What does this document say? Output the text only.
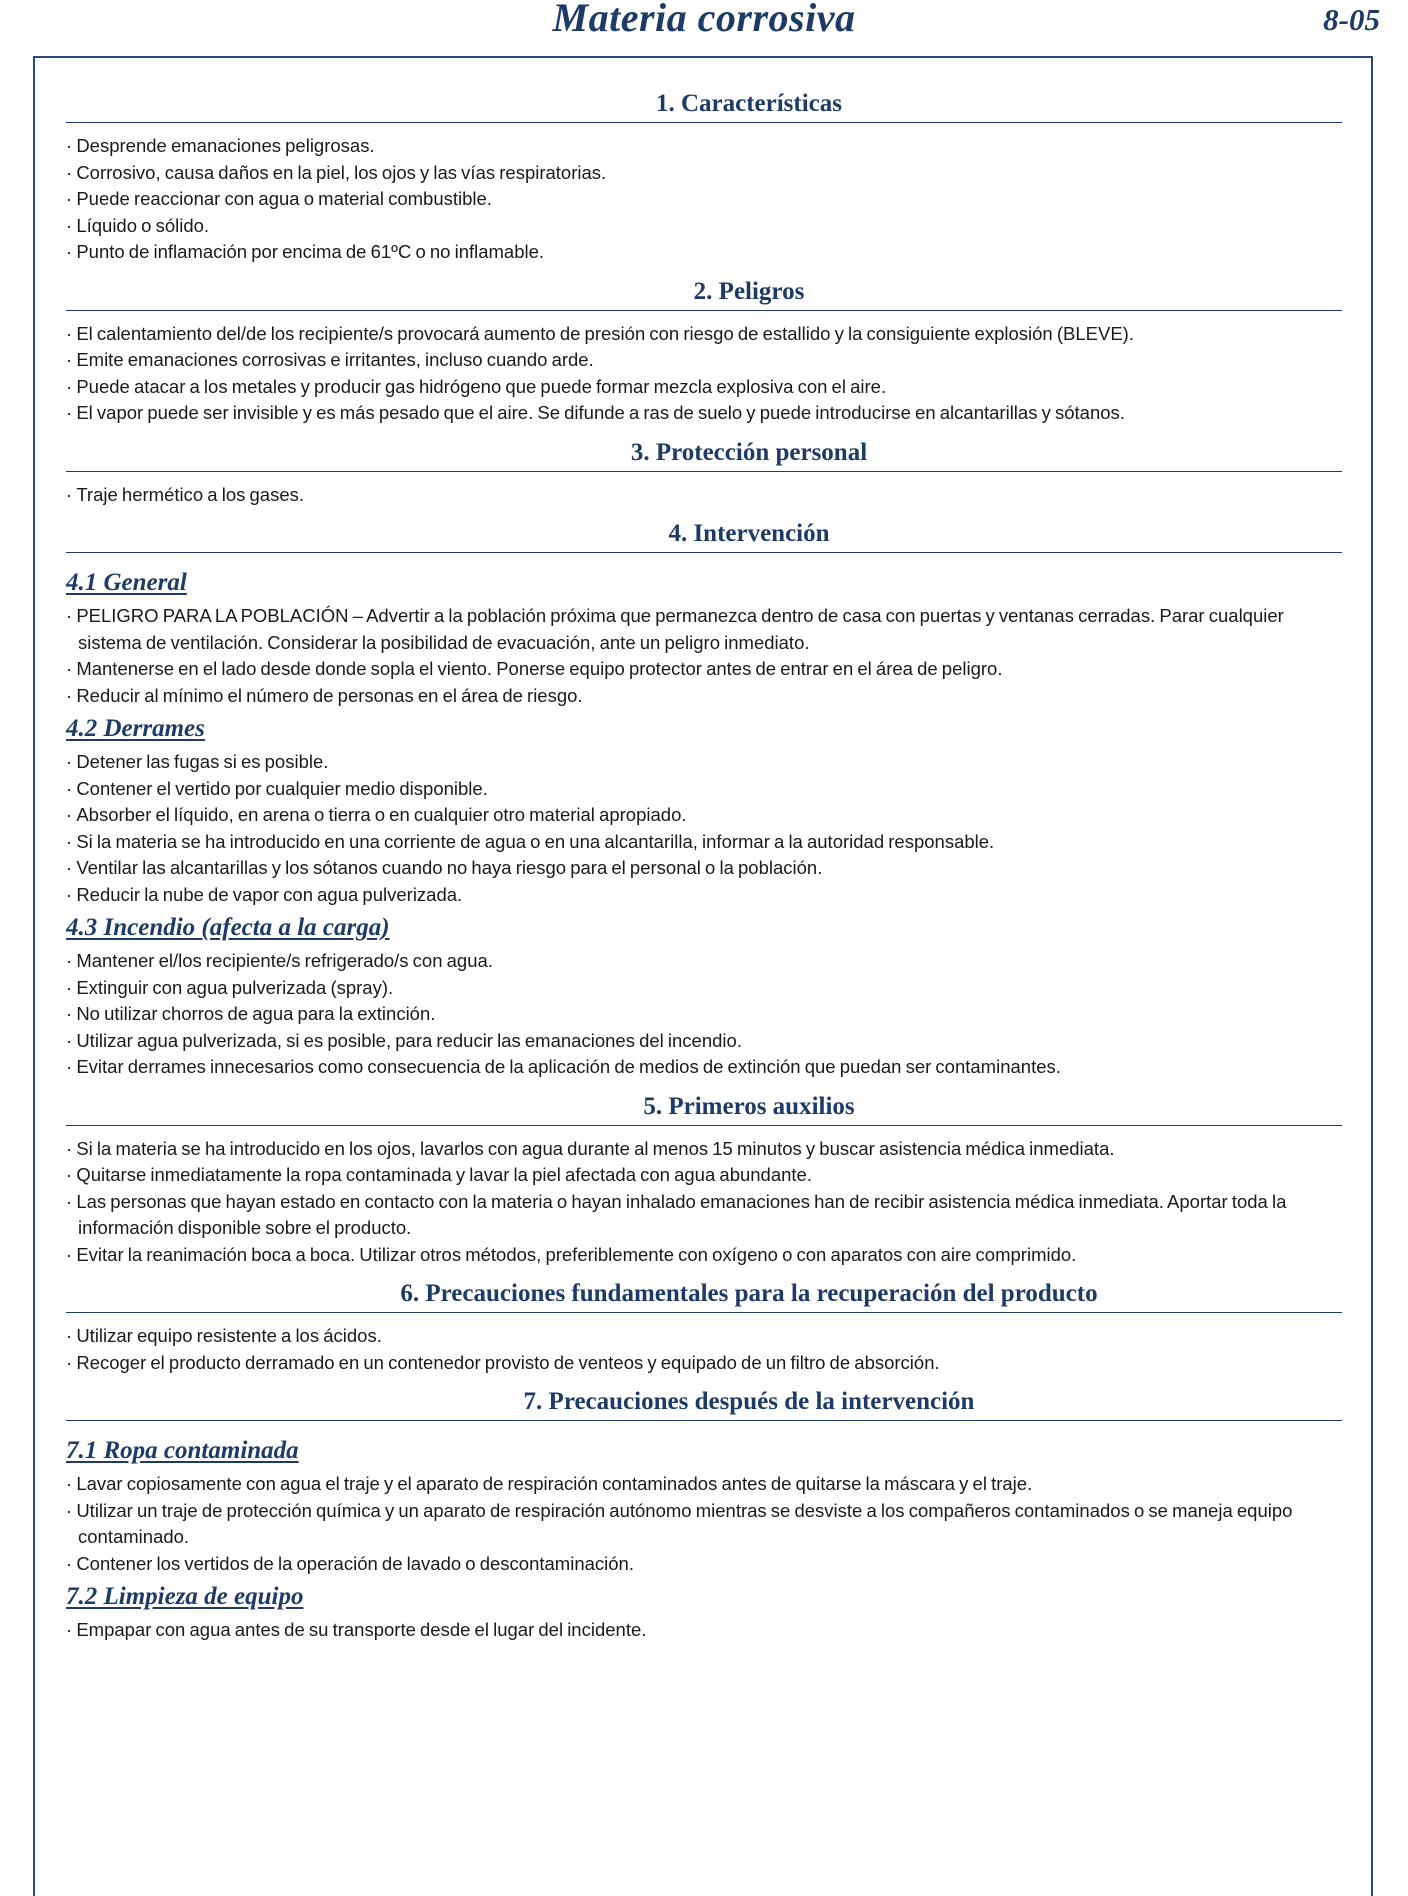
Materia corrosiva	8-05
1. Características
· Desprende emanaciones peligrosas.
· Corrosivo, causa daños en la piel, los ojos y las vías respiratorias.
· Puede reaccionar con agua o material combustible.
· Líquido o sólido.
· Punto de inflamación por encima de 61ºC o no inflamable.
2. Peligros
· El calentamiento del/de los recipiente/s provocará aumento de presión con riesgo de estallido y la consiguiente explosión (BLEVE).
· Emite emanaciones corrosivas e irritantes, incluso cuando arde.
· Puede atacar a los metales y producir gas hidrógeno que puede formar mezcla explosiva con el aire.
· El vapor puede ser invisible y es más pesado que el aire. Se difunde a ras de suelo y puede introducirse en alcantarillas y sótanos.
3. Protección personal
· Traje hermético a los gases.
4. Intervención
4.1 General
· PELIGRO PARA LA POBLACIÓN – Advertir a la población próxima que permanezca dentro de casa con puertas y ventanas cerradas. Parar cualquier sistema de ventilación. Considerar la posibilidad de evacuación, ante un peligro inmediato.
· Mantenerse en el lado desde donde sopla el viento. Ponerse equipo protector antes de entrar en el área de peligro.
· Reducir al mínimo el número de personas en el área de riesgo.
4.2 Derrames
· Detener las fugas si es posible.
· Contener el vertido por cualquier medio disponible.
· Absorber el líquido, en arena o tierra o en cualquier otro material apropiado.
· Si la materia se ha introducido en una corriente de agua o en una alcantarilla, informar a la autoridad responsable.
· Ventilar las alcantarillas y los sótanos cuando no haya riesgo para el personal o la población.
· Reducir la nube de vapor con agua pulverizada.
4.3 Incendio (afecta a la carga)
· Mantener el/los recipiente/s refrigerado/s con agua.
· Extinguir con agua pulverizada (spray).
· No utilizar chorros de agua para la extinción.
· Utilizar agua pulverizada, si es posible, para reducir las emanaciones del incendio.
· Evitar derrames innecesarios como consecuencia de la aplicación de medios de extinción que puedan ser contaminantes.
5. Primeros auxilios
· Si la materia se ha introducido en los ojos, lavarlos con agua durante al menos 15 minutos y buscar asistencia médica inmediata.
· Quitarse inmediatamente la ropa contaminada y lavar la piel afectada con agua abundante.
· Las personas que hayan estado en contacto con la materia o hayan inhalado emanaciones han de recibir asistencia médica inmediata. Aportar toda la información disponible sobre el producto.
· Evitar la reanimación boca a boca. Utilizar otros métodos, preferiblemente con oxígeno o con aparatos con aire comprimido.
6. Precauciones fundamentales para la recuperación del producto
· Utilizar equipo resistente a los ácidos.
· Recoger el producto derramado en un contenedor provisto de venteos y equipado de un filtro de absorción.
7. Precauciones después de la intervención
7.1 Ropa contaminada
· Lavar copiosamente con agua el traje y el aparato de respiración contaminados antes de quitarse la máscara y el traje.
· Utilizar un traje de protección química y un aparato de respiración autónomo mientras se desviste a los compañeros contaminados o se maneja equipo contaminado.
· Contener los vertidos de la operación de lavado o descontaminación.
7.2 Limpieza de equipo
· Empapar con agua antes de su transporte desde el lugar del incidente.
